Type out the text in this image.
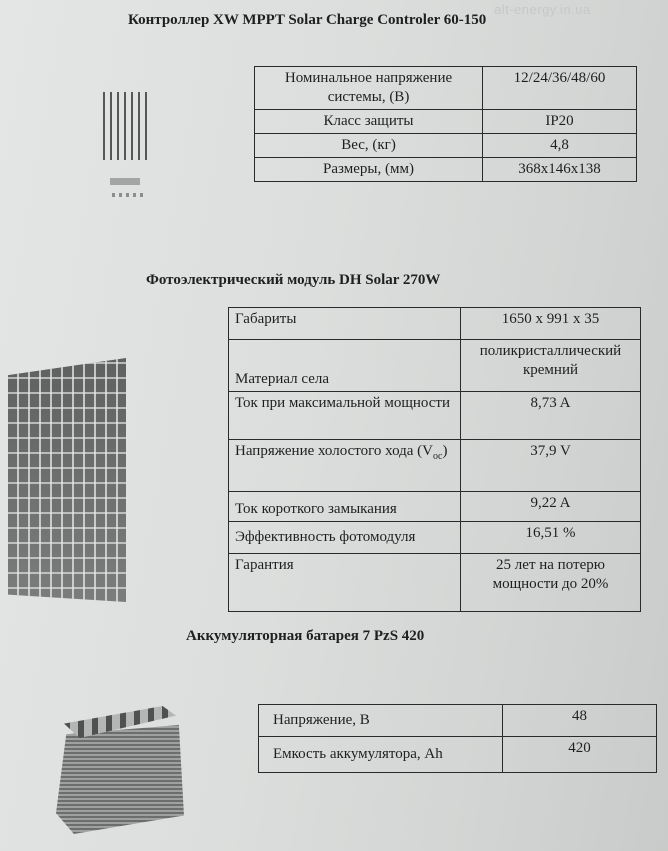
alt-energy.in.ua
Контроллер XW MPPT Solar Charge Controler 60-150
Номинальное напряжение системы, (В)	12/24/36/48/60
Класс защиты	IP20
Вес, (кг)	4,8
Размеры, (мм)	368x146x138
Фотоэлектрический модуль DH Solar 270W
Габариты	1650 x 991 x 35
Материал села	поликристаллический кремний
Ток при максимальной мощности	8,73 A
Напряжение холостого хода $(V_{oc})$	37,9 V
Ток короткого замыкания	9,22 A
Эффективность фотомодуля	16,51 %
Гарантия	25 лет на потерю мощности до 20%
Аккумуляторная батарея 7 PzS 420
Напряжение, В	48
Емкость аккумулятора, Ah	420
